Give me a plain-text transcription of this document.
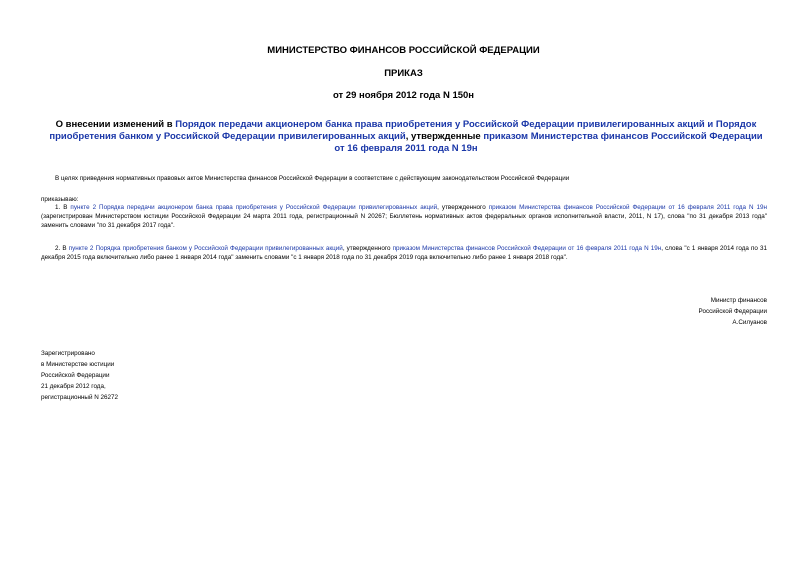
МИНИСТЕРСТВО ФИНАНСОВ РОССИЙСКОЙ ФЕДЕРАЦИИ
ПРИКАЗ
от 29 ноября 2012 года N 150н
О внесении изменений в Порядок передачи акционером банка права приобретения у Российской Федерации привилегированных акций и Порядок приобретения банком у Российской Федерации привилегированных акций, утвержденные приказом Министерства финансов Российской Федерации от 16 февраля 2011 года N 19н
В целях приведения нормативных правовых актов Министерства финансов Российской Федерации в соответствие с действующим законодательством Российской Федерации
приказываю:
1. В пункте 2 Порядка передачи акционером банка права приобретения у Российской Федерации привилегированных акций, утвержденного приказом Министерства финансов Российской Федерации от 16 февраля 2011 года N 19н (зарегистрирован Министерством юстиции Российской Федерации 24 марта 2011 года, регистрационный N 20267; Бюллетень нормативных актов федеральных органов исполнительной власти, 2011, N 17), слова "по 31 декабря 2013 года" заменить словами "по 31 декабря 2017 года".
2. В пункте 2 Порядка приобретения банком у Российской Федерации привилегированных акций, утвержденного приказом Министерства финансов Российской Федерации от 16 февраля 2011 года N 19н, слова "с 1 января 2014 года по 31 декабря 2015 года включительно либо ранее 1 января 2014 года" заменить словами "с 1 января 2018 года по 31 декабря 2019 года включительно либо ранее 1 января 2018 года".
Министр финансов
Российской Федерации
А.Силуанов
Зарегистрировано
в Министерстве юстиции
Российской Федерации
21 декабря 2012 года,
регистрационный N 26272
